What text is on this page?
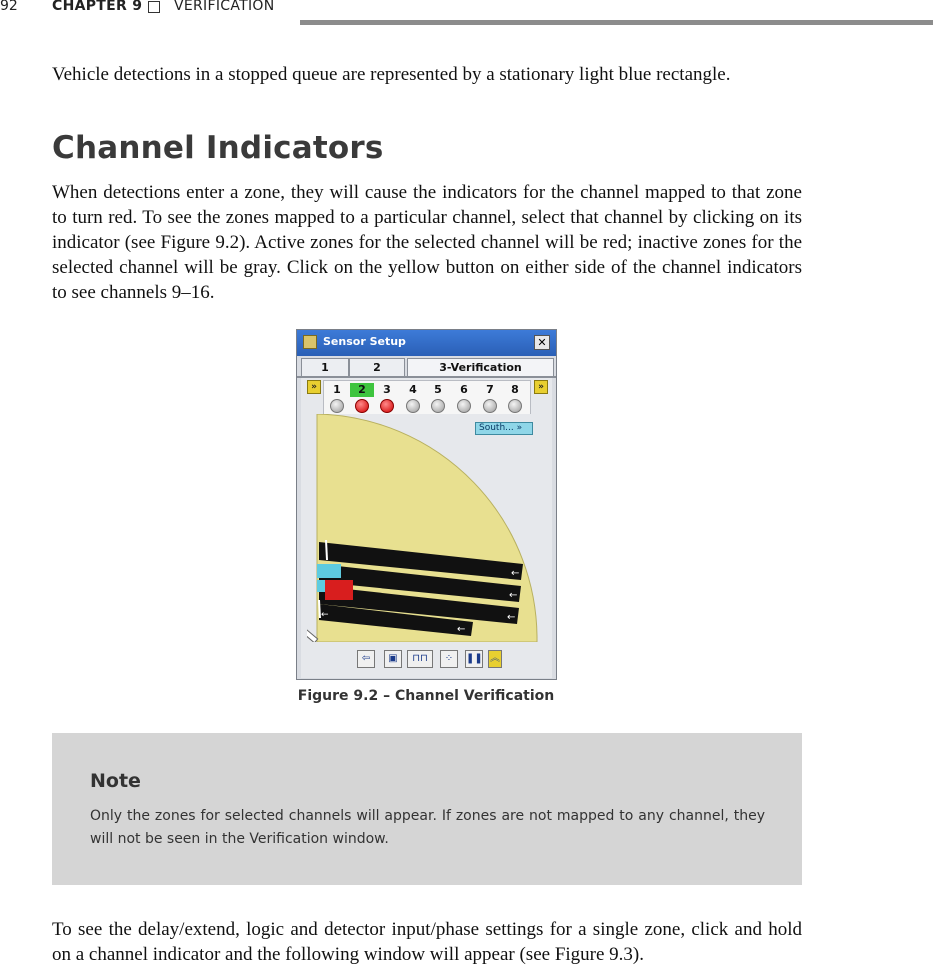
92 CHAPTER 9 VERIFICATION

Vehicle detections in a stopped queue are represented by a stationary light blue rectangle.

Channel Indicators

When detections enter a zone, they will cause the indicators for the channel mapped to that zone to turn red. To see the zones mapped to a particular channel, select that channel by clicking on its indicator (see Figure 9.2). Active zones for the selected channel will be red; inactive zones for the selected channel will be gray. Click on the yellow button on either side of the channel indicators to see channels 9–16.

Sensor Setup	✕
1	2	3-Verification
»	1	2	3	4	5	6	7	8	»
←
←
←
←
←
South... »
⇦	▣	⊓⊓	⁘	❚❚ ︽

Figure 9.2 – Channel Verification

Note

Only the zones for selected channels will appear. If zones are not mapped to any channel, they will not be seen in the Verification window.

To see the delay/extend, logic and detector input/phase settings for a single zone, click and hold on a channel indicator and the following window will appear (see Figure 9.3).
